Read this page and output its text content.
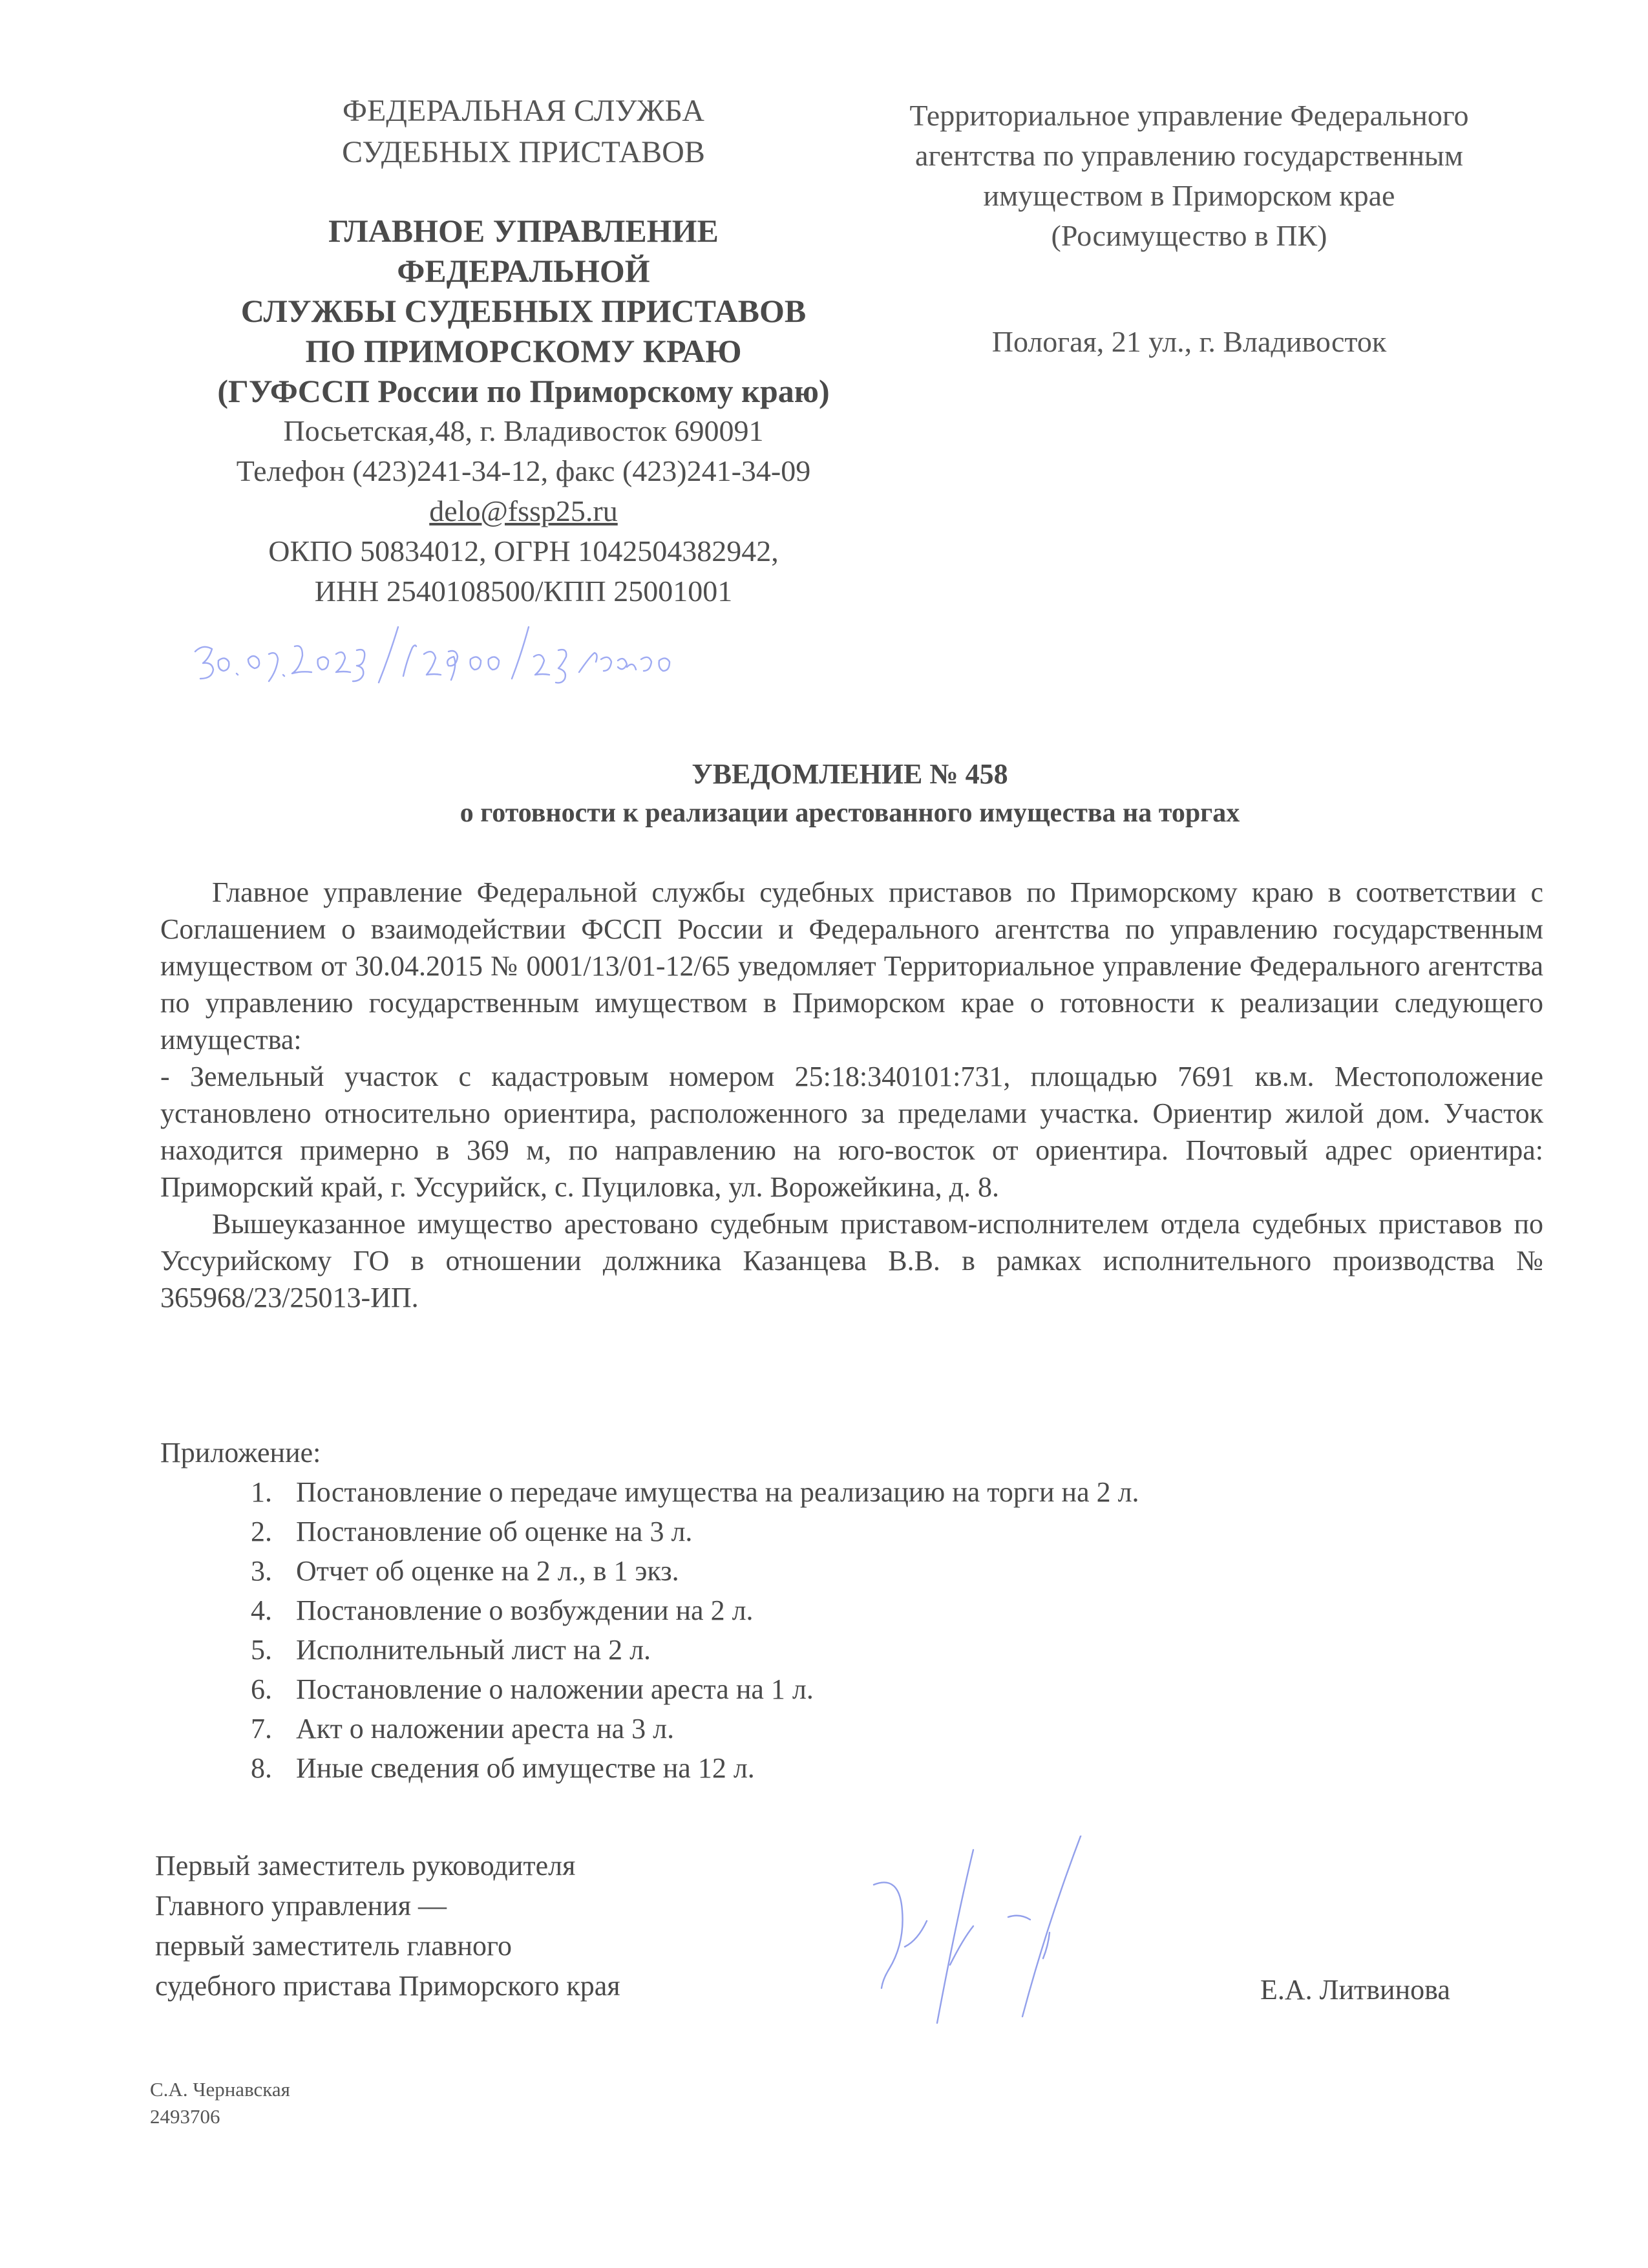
ФЕДЕРАЛЬНАЯ СЛУЖБА
СУДЕБНЫХ ПРИСТАВОВ
ГЛАВНОЕ УПРАВЛЕНИЕ
ФЕДЕРАЛЬНОЙ
СЛУЖБЫ СУДЕБНЫХ ПРИСТАВОВ
ПО ПРИМОРСКОМУ КРАЮ
(ГУФССП России по Приморскому краю)
Посьетская,48, г. Владивосток 690091
Телефон (423)241-34-12, факс (423)241-34-09
delo@fssp25.ru
ОКПО 50834012, ОГРН 1042504382942,
ИНН 2540108500/КПП 25001001
Территориальное управление Федерального
агентства по управлению государственным
имуществом в Приморском крае
(Росимущество в ПК)
Пологая, 21 ул., г. Владивосток
УВЕДОМЛЕНИЕ № 458
о готовности к реализации арестованного имущества на торгах

Главное управление Федеральной службы судебных приставов по Приморскому краю в соответствии с Соглашением о взаимодействии ФССП России и Федерального агентства по управлению государственным имуществом от 30.04.2015 № 0001/13/01-12/65 уведомляет Территориальное управление Федерального агентства по управлению государственным имуществом в Приморском крае о готовности к реализации следующего имущества:

- Земельный участок с кадастровым номером 25:18:340101:731, площадью 7691 кв.м. Местоположение установлено относительно ориентира, расположенного за пределами участка. Ориентир жилой дом. Участок находится примерно в 369 м, по направлению на юго-восток от ориентира. Почтовый адрес ориентира: Приморский край, г. Уссурийск, с. Пуциловка, ул. Ворожейкина, д. 8.

Вышеуказанное имущество арестовано судебным приставом-исполнителем отдела судебных приставов по Уссурийскому ГО в отношении должника Казанцева В.В. в рамках исполнительного производства № 365968/23/25013-ИП.

Приложение:
1. Постановление о передаче имущества на реализацию на торги на 2 л.
2. Постановление об оценке на 3 л.
3. Отчет об оценке на 2 л., в 1 экз.
4. Постановление о возбуждении на 2 л.
5. Исполнительный лист на 2 л.
6. Постановление о наложении ареста на 1 л.
7. Акт о наложении ареста на 3 л.
8. Иные сведения об имуществе на 12 л.
Первый заместитель руководителя
Главного управления —
первый заместитель главного
судебного пристава Приморского края	Е.А. Литвинова
С.А. Чернавская
2493706
